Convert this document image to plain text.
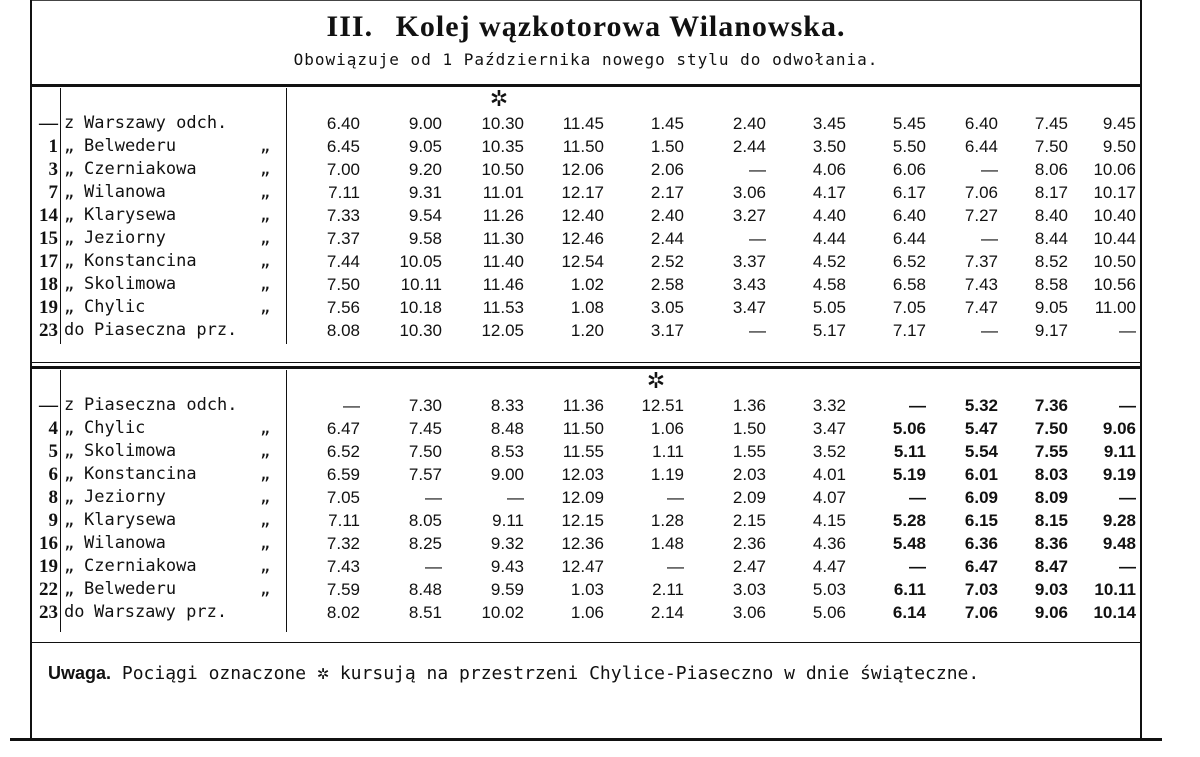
III. Kolej wązkotorowa Wilanowska.
Obowiązuje od 1 Października nowego stylu do odwołania.
✲
✲
—	z Warszawy odch.	6.40	9.00	10.30	11.45	1.45	2.40	3.45	5.45	6.40	7.45	9.45
1	„ Belwederu „	6.45	9.05	10.35	11.50	1.50	2.44	3.50	5.50	6.44	7.50	9.50
3	„ Czerniakowa „	7.00	9.20	10.50	12.06	2.06	—	4.06	6.06	—	8.06	10.06
7	„ Wilanowa „	7.11	9.31	11.01	12.17	2.17	3.06	4.17	6.17	7.06	8.17	10.17
14	„ Klarysewa „	7.33	9.54	11.26	12.40	2.40	3.27	4.40	6.40	7.27	8.40	10.40
15	„ Jeziorny „	7.37	9.58	11.30	12.46	2.44	—	4.44	6.44	—	8.44	10.44
17	„ Konstancina „	7.44	10.05	11.40	12.54	2.52	3.37	4.52	6.52	7.37	8.52	10.50
18	„ Skolimowa „	7.50	10.11	11.46	1.02	2.58	3.43	4.58	6.58	7.43	8.58	10.56
19	„ Chylic „	7.56	10.18	11.53	1.08	3.05	3.47	5.05	7.05	7.47	9.05	11.00
23	do Piaseczna prz.	8.08	10.30	12.05	1.20	3.17	—	5.17	7.17	—	9.17	—
—	z Piaseczna odch.	—	7.30	8.33	11.36	12.51	1.36	3.32	—	5.32	7.36	—
4	„ Chylic „	6.47	7.45	8.48	11.50	1.06	1.50	3.47	5.06	5.47	7.50	9.06
5	„ Skolimowa „	6.52	7.50	8.53	11.55	1.11	1.55	3.52	5.11	5.54	7.55	9.11
6	„ Konstancina „	6.59	7.57	9.00	12.03	1.19	2.03	4.01	5.19	6.01	8.03	9.19
8	„ Jeziorny „	7.05	—	—	12.09	—	2.09	4.07	—	6.09	8.09	—
9	„ Klarysewa „	7.11	8.05	9.11	12.15	1.28	2.15	4.15	5.28	6.15	8.15	9.28
16	„ Wilanowa „	7.32	8.25	9.32	12.36	1.48	2.36	4.36	5.48	6.36	8.36	9.48
19	„ Czerniakowa „	7.43	—	9.43	12.47	—	2.47	4.47	—	6.47	8.47	—
22	„ Belwederu „	7.59	8.48	9.59	1.03	2.11	3.03	5.03	6.11	7.03	9.03	10.11
23	do Warszawy prz.	8.02	8.51	10.02	1.06	2.14	3.06	5.06	6.14	7.06	9.06	10.14
Uwaga. Pociągi oznaczone ✲ kursują na przestrzeni Chylice-Piaseczno w dnie świąteczne.
